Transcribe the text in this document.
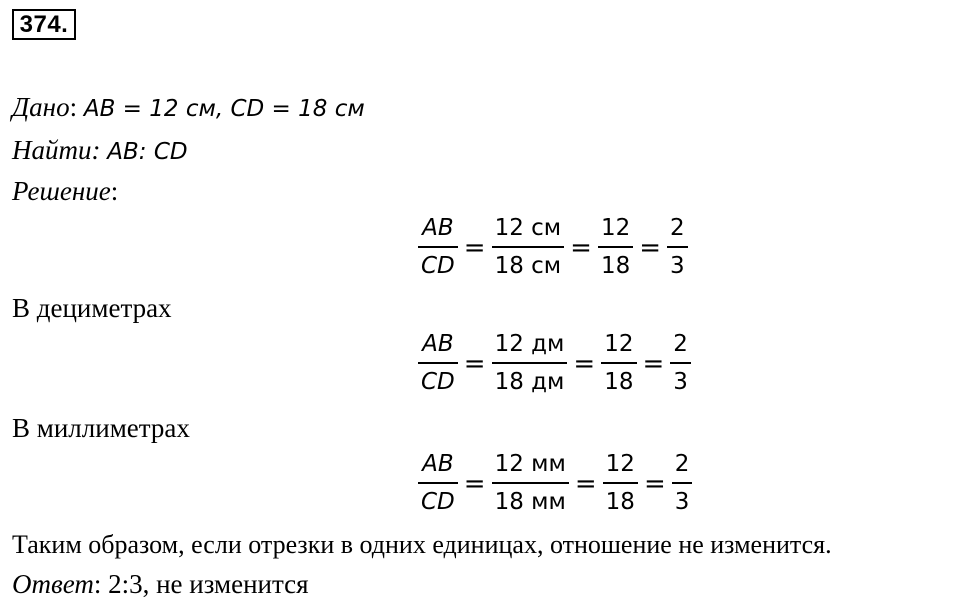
374.
Дано: AB = 12 см, CD = 18 см
Найти: AB: CD
Решение:
$\frac{AB}{CD} = \frac{12 см}{18 см} = \frac{12}{18} = \frac{2}{3}$
В дециметрах
$\frac{AB}{CD} = \frac{12 дм}{18 дм} = \frac{12}{18} = \frac{2}{3}$
В миллиметрах
$\frac{AB}{CD} = \frac{12 мм}{18 мм} = \frac{12}{18} = \frac{2}{3}$
Таким образом, если отрезки в одних единицах, отношение не изменится.
Ответ: 2:3, не изменится
